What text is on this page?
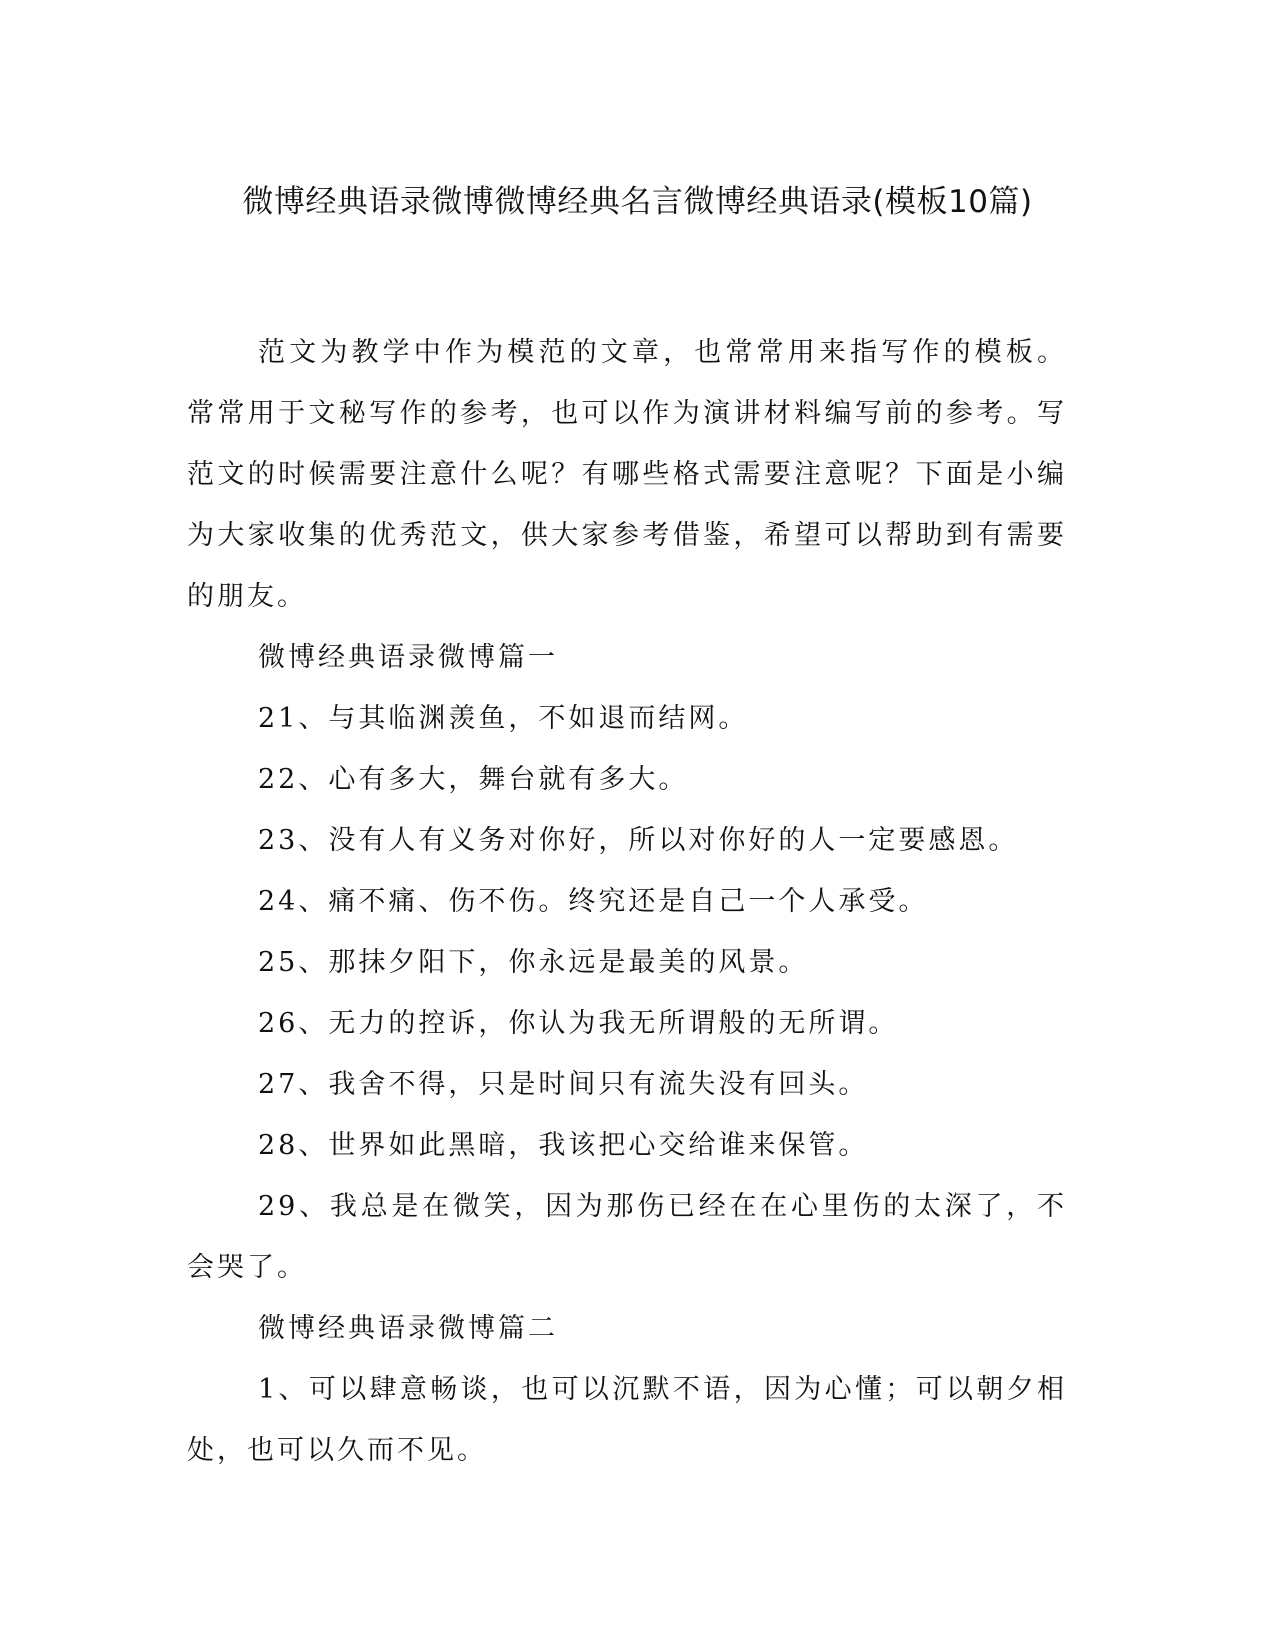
微博经典语录微博微博经典名言微博经典语录(模板10篇)

范文为教学中作为模范的文章，也常常用来指写作的模板。常常用于文秘写作的参考，也可以作为演讲材料编写前的参考。写范文的时候需要注意什么呢？有哪些格式需要注意呢？下面是小编为大家收集的优秀范文，供大家参考借鉴，希望可以帮助到有需要的朋友。

微博经典语录微博篇一

21、与其临渊羡鱼，不如退而结网。

22、心有多大，舞台就有多大。

23、没有人有义务对你好，所以对你好的人一定要感恩。

24、痛不痛、伤不伤。终究还是自己一个人承受。

25、那抹夕阳下，你永远是最美的风景。

26、无力的控诉，你认为我无所谓般的无所谓。

27、我舍不得，只是时间只有流失没有回头。

28、世界如此黑暗，我该把心交给谁来保管。

29、我总是在微笑，因为那伤已经在在心里伤的太深了，不会哭了。

微博经典语录微博篇二

1、可以肆意畅谈，也可以沉默不语，因为心懂；可以朝夕相处，也可以久而不见。
